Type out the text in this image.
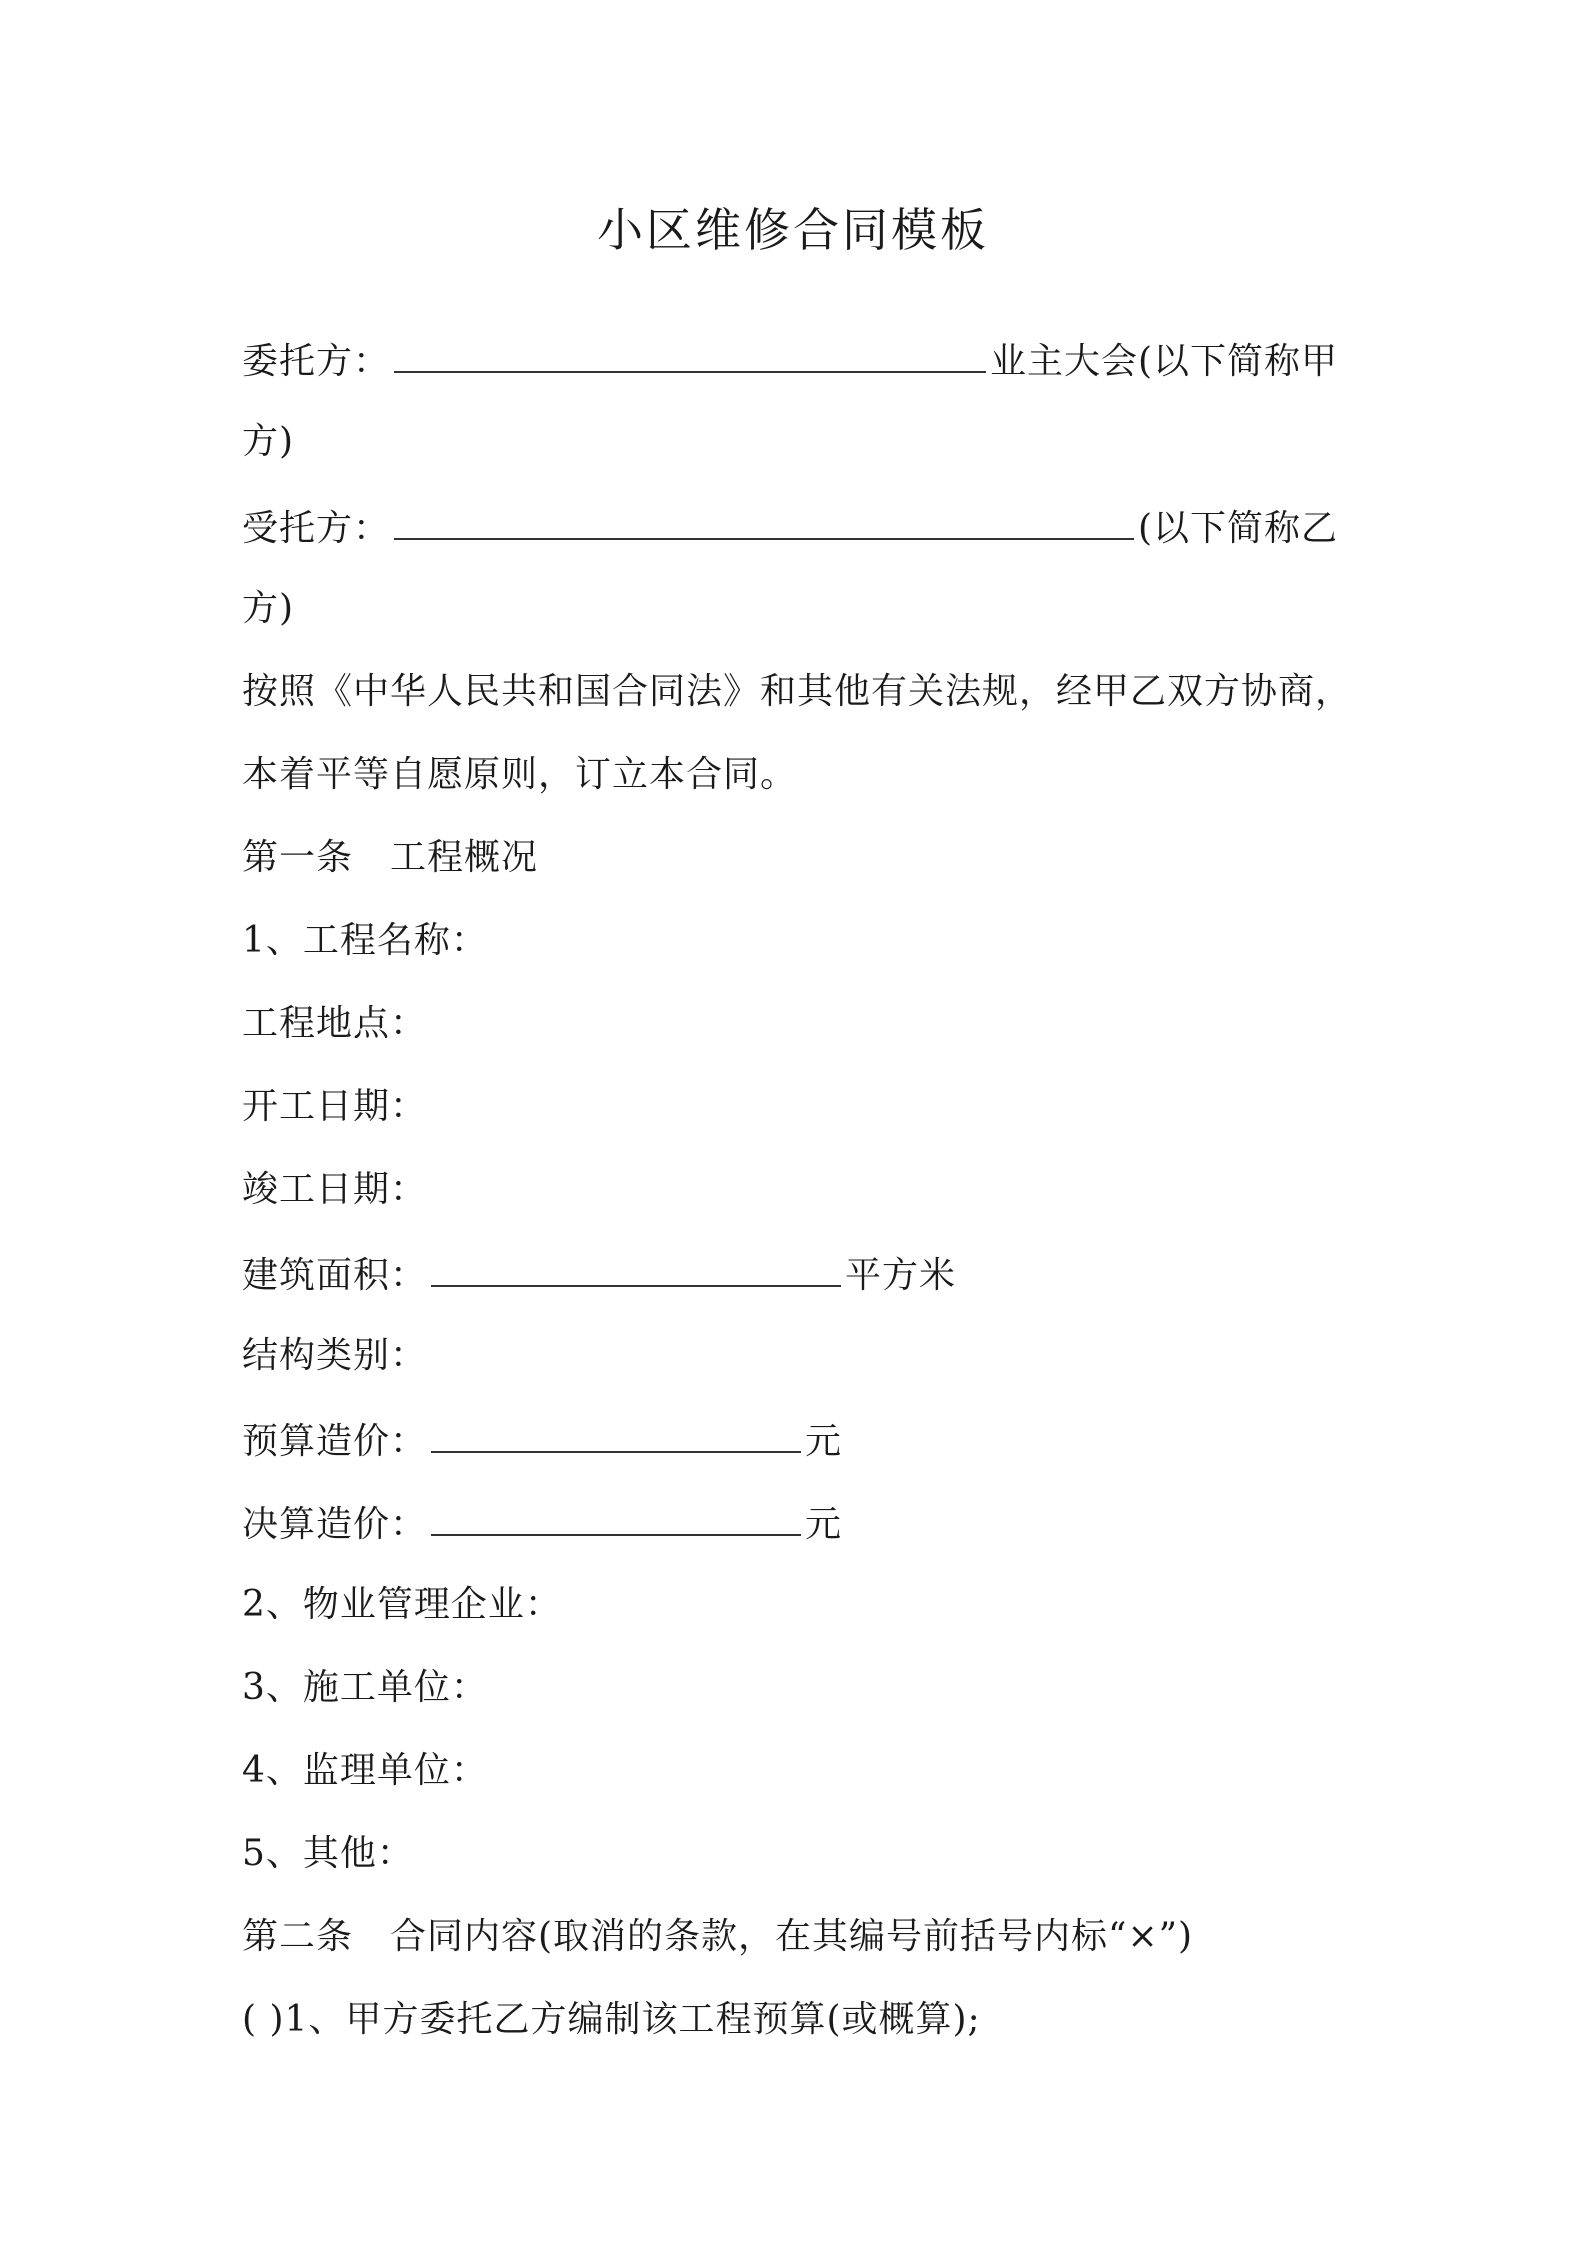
小区维修合同模板
委托方：	业主大会(以下简称甲
方)
受托方：	(以下简称乙
方)
按照《中华人民共和国合同法》和其他有关法规，经甲乙双方协商，
本着平等自愿原则，订立本合同。
第一条　工程概况
1、工程名称：
工程地点：
开工日期：
竣工日期：
建筑面积：	平方米
结构类别：
预算造价：	元
决算造价：	元
2、物业管理企业：
3、施工单位：
4、监理单位：
5、其他：
第二条　合同内容(取消的条款，在其编号前括号内标“×”)
( )1、甲方委托乙方编制该工程预算(或概算);
